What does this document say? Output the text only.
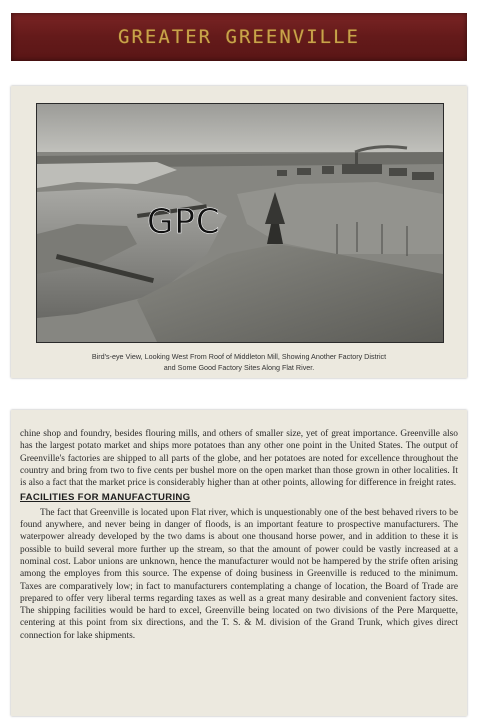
GREATER GREENVILLE
GPC
Bird's-eye View, Looking West From Roof of Middleton Mill, Showing Another Factory District
and Some Good Factory Sites Along Flat River.

chine shop and foundry, besides flouring mills, and others of smaller size, yet of great importance. Greenville also has the largest potato market and ships more potatoes than any other one point in the United States. The output of Greenville's factories are shipped to all parts of the globe, and her potatoes are noted for excellence throughout the country and bring from two to five cents per bushel more on the open market than those grown in other localities. It is also a fact that the market price is considerably higher than at other points, allowing for difference in freight rates.

FACILITIES FOR MANUFACTURING

The fact that Greenville is located upon Flat river, which is unquestionably one of the best behaved rivers to be found anywhere, and never being in danger of floods, is an important feature to prospective manufacturers. The waterpower already developed by the two dams is about one thousand horse power, and in addition to these it is possible to build several more further up the stream, so that the amount of power could be vastly increased at a nominal cost. Labor unions are unknown, hence the manufacturer would not be hampered by the strife often arising among the employes from this source. The expense of doing business in Greenville is reduced to the minimum. Taxes are comparatively low; in fact to manufacturers contemplating a change of location, the Board of Trade are prepared to offer very liberal terms regarding taxes as well as a great many desirable and convenient factory sites. The shipping facilities would be hard to excel, Greenville being located on two divisions of the Pere Marquette, centering at this point from six directions, and the T. S. & M. division of the Grand Trunk, which gives direct connection for lake shipments.
